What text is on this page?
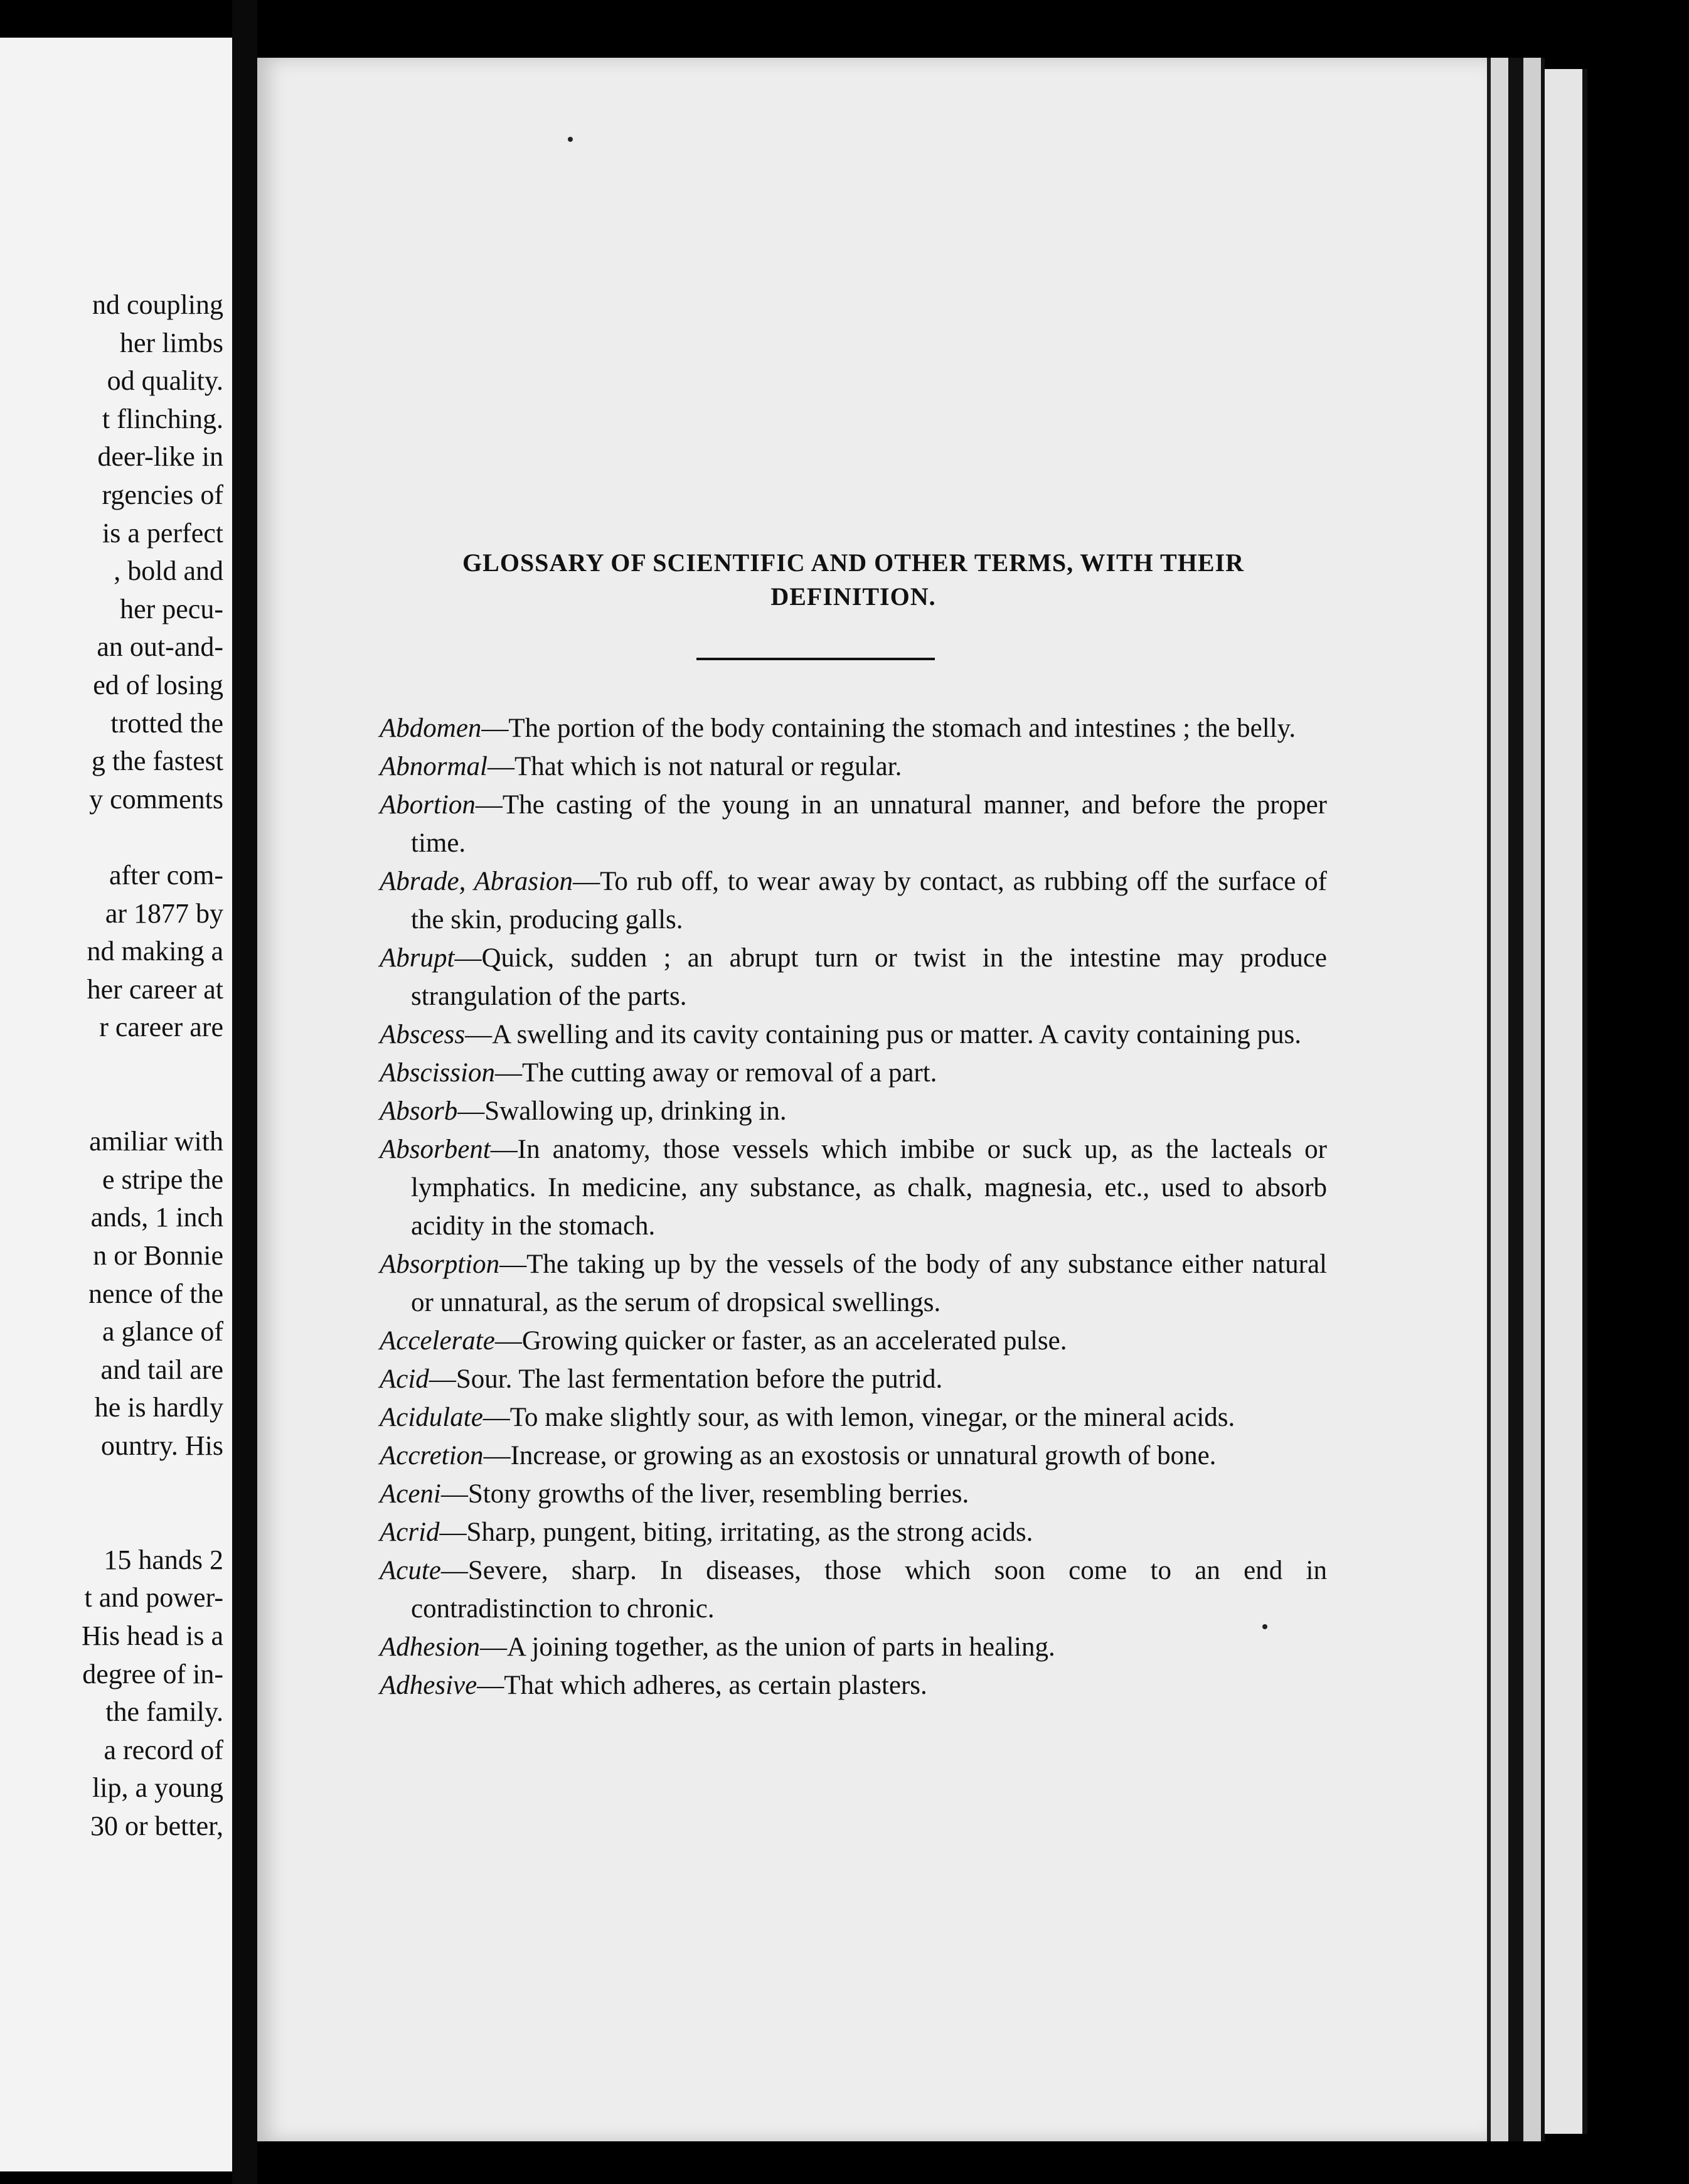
nd coupling
her limbs
od quality.
t flinching.
deer-like in
rgencies of
is a perfect
, bold and
her pecu-
an out-and-
ed of losing
trotted the
g the fastest
y comments
after com-
ar 1877 by
nd making a
her career at
r career are
amiliar with
e stripe the
ands, 1 inch
n or Bonnie
nence of the
a glance of
and tail are
he is hardly
ountry. His
15 hands 2
t and power-
His head is a
degree of in-
the family.
a record of
lip, a young
30 or better,
GLOSSARY OF SCIENTIFIC AND OTHER TERMS, WITH THEIR
DEFINITION.
Abdomen—The portion of the body containing the stomach and intestines ; the belly.
Abnormal—That which is not natural or regular.
Abortion—The casting of the young in an unnatural manner, and before the proper time.
Abrade, Abrasion—To rub off, to wear away by contact, as rubbing off the surface of the skin, producing galls.
Abrupt—Quick, sudden ; an abrupt turn or twist in the intestine may produce strangulation of the parts.
Abscess—A swelling and its cavity containing pus or matter. A cavity containing pus.
Abscission—The cutting away or removal of a part.
Absorb—Swallowing up, drinking in.
Absorbent—In anatomy, those vessels which imbibe or suck up, as the lacteals or lymphatics. In medicine, any substance, as chalk, magnesia, etc., used to absorb acidity in the stomach.
Absorption—The taking up by the vessels of the body of any substance either natural or unnatural, as the serum of dropsical swellings.
Accelerate—Growing quicker or faster, as an accelerated pulse.
Acid—Sour. The last fermentation before the putrid.
Acidulate—To make slightly sour, as with lemon, vinegar, or the mineral acids.
Accretion—Increase, or growing as an exostosis or unnatural growth of bone.
Aceni—Stony growths of the liver, resembling berries.
Acrid—Sharp, pungent, biting, irritating, as the strong acids.
Acute—Severe, sharp. In diseases, those which soon come to an end in contradistinction to chronic.
Adhesion—A joining together, as the union of parts in healing.
Adhesive—That which adheres, as certain plasters.
